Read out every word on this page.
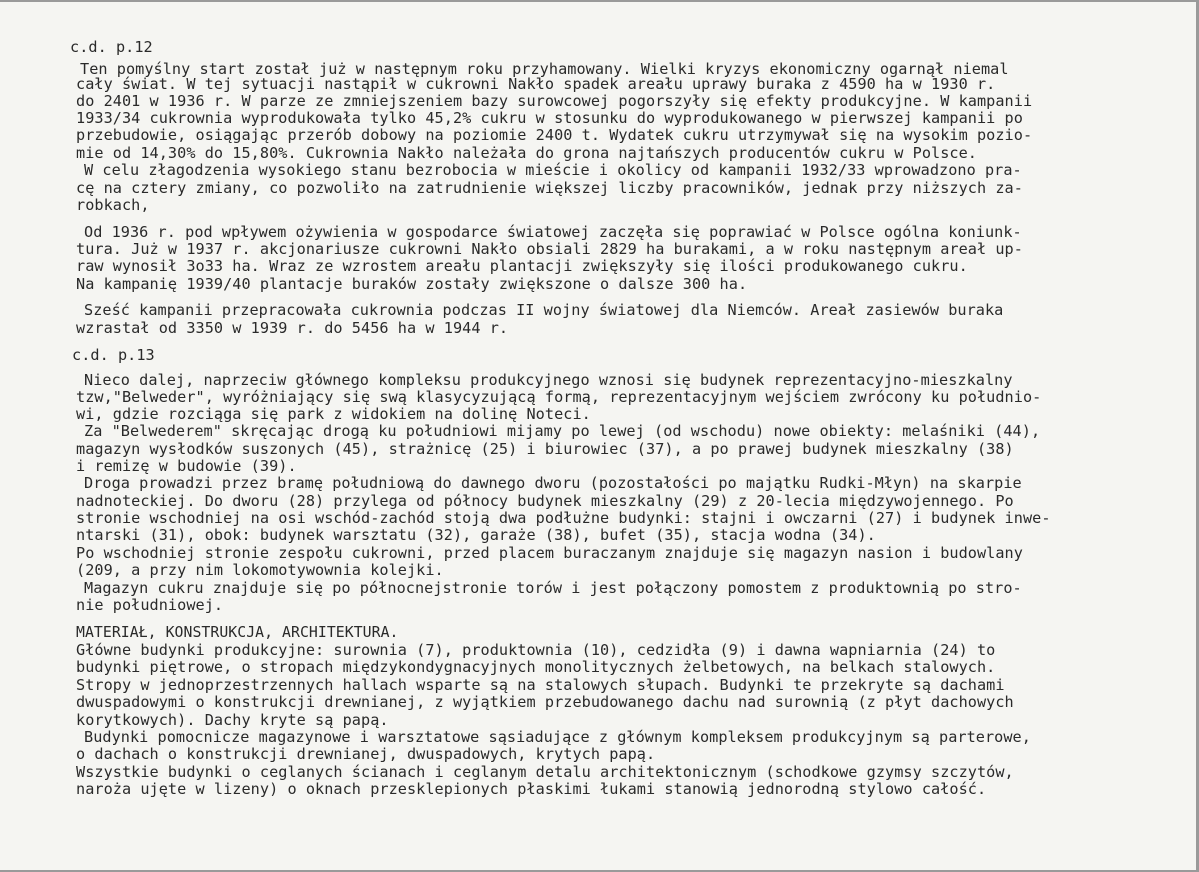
c.d. p.12
Ten pomyślny start został już w następnym roku przyhamowany. Wielki kryzys ekonomiczny ogarnął niemal
cały świat. W tej sytuacji nastąpił w cukrowni Nakło spadek areału uprawy buraka z 4590 ha w 1930 r.
do 2401 w 1936 r. W parze ze zmniejszeniem bazy surowcowej pogorszyły się efekty produkcyjne. W kampanii
1933/34 cukrownia wyprodukowała tylko 45,2% cukru w stosunku do wyprodukowanego w pierwszej kampanii po
przebudowie, osiągając przerób dobowy na poziomie 2400 t. Wydatek cukru utrzymywał się na wysokim pozio-
mie od 14,30% do 15,80%. Cukrownia Nakło należała do grona najtańszych producentów cukru w Polsce.
W celu złagodzenia wysokiego stanu bezrobocia w mieście i okolicy od kampanii 1932/33 wprowadzono pra-
cę na cztery zmiany, co pozwoliło na zatrudnienie większej liczby pracowników, jednak przy niższych za-
robkach,
Od 1936 r. pod wpływem ożywienia w gospodarce światowej zaczęła się poprawiać w Polsce ogólna koniunk-
tura. Już w 1937 r. akcjonariusze cukrowni Nakło obsiali 2829 ha burakami, a w roku następnym areał up-
raw wynosił 3o33 ha. Wraz ze wzrostem areału plantacji zwiększyły się ilości produkowanego cukru.
Na kampanię 1939/40 plantacje buraków zostały zwiększone o dalsze 300 ha.
Sześć kampanii przepracowała cukrownia podczas II wojny światowej dla Niemców. Areał zasiewów buraka
wzrastał od 3350 w 1939 r. do 5456 ha w 1944 r.
c.d. p.13
Nieco dalej, naprzeciw głównego kompleksu produkcyjnego wznosi się budynek reprezentacyjno-mieszkalny
tzw,"Belweder", wyróżniający się swą klasycyzującą formą, reprezentacyjnym wejściem zwrócony ku południo-
wi, gdzie rozciąga się park z widokiem na dolinę Noteci.
Za "Belwederem" skręcając drogą ku południowi mijamy po lewej (od wschodu) nowe obiekty: melaśniki (44),
magazyn wysłodków suszonych (45), strażnicę (25) i biurowiec (37), a po prawej budynek mieszkalny (38)
i remizę w budowie (39).
Droga prowadzi przez bramę południową do dawnego dworu (pozostałości po majątku Rudki-Młyn) na skarpie
nadnoteckiej. Do dworu (28) przylega od północy budynek mieszkalny (29) z 20-lecia międzywojennego. Po
stronie wschodniej na osi wschód-zachód stoją dwa podłużne budynki: stajni i owczarni (27) i budynek inwe-
ntarski (31), obok: budynek warsztatu (32), garaże (38), bufet (35), stacja wodna (34).
Po wschodniej stronie zespołu cukrowni, przed placem buraczanym znajduje się magazyn nasion i budowlany
(209, a przy nim lokomotywownia kolejki.
Magazyn cukru znajduje się po północnejstronie torów i jest połączony pomostem z produktownią po stro-
nie południowej.
MATERIAŁ, KONSTRUKCJA, ARCHITEKTURA.
Główne budynki produkcyjne: surownia (7), produktownia (10), cedzidła (9) i dawna wapniarnia (24) to
budynki piętrowe, o stropach międzykondygnacyjnych monolitycznych żelbetowych, na belkach stalowych.
Stropy w jednoprzestrzennych hallach wsparte są na stalowych słupach. Budynki te przekryte są dachami
dwuspadowymi o konstrukcji drewnianej, z wyjątkiem przebudowanego dachu nad surownią (z płyt dachowych
korytkowych). Dachy kryte są papą.
Budynki pomocnicze magazynowe i warsztatowe sąsiadujące z głównym kompleksem produkcyjnym są parterowe,
o dachach o konstrukcji drewnianej, dwuspadowych, krytych papą.
Wszystkie budynki o ceglanych ścianach i ceglanym detalu architektonicznym (schodkowe gzymsy szczytów,
naroża ujęte w lizeny) o oknach przesklepionych płaskimi łukami stanowią jednorodną stylowo całość.
